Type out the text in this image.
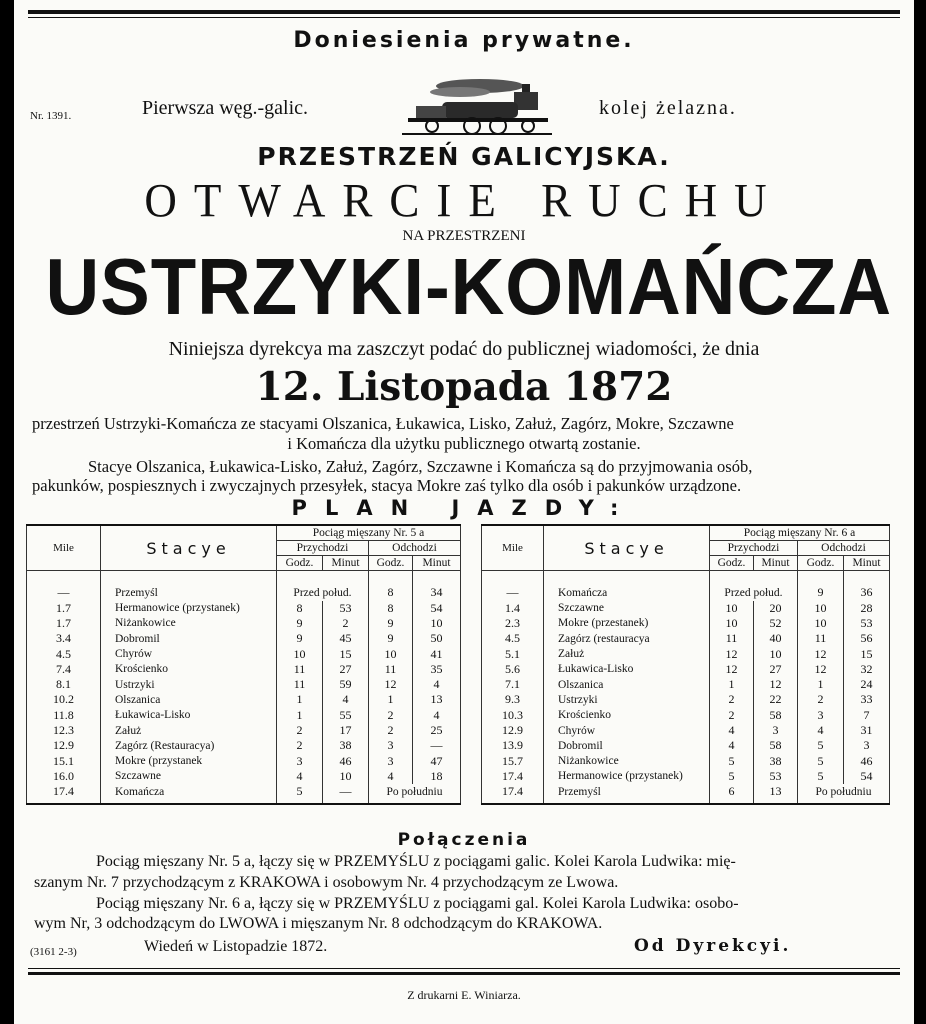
Doniesienia prywatne.
Nr. 1391.	Pierwsza węg.-galic.	kolej żelazna.
PRZESTRZEŃ GALICYJSKA.
OTWARCIE RUCHU
NA PRZESTRZENI
USTRZYKI-KOMAŃCZA
Niniejsza dyrekcya ma zaszczyt podać do publicznej wiadomości, że dnia
12. Listopada 1872
przestrzeń Ustrzyki-Komańcza ze stacyami Olszanica, Łukawica, Lisko, Załuż, Zagórz, Mokre, Szczawne
i Komańcza dla użytku publicznego otwartą zostanie.
Stacye Olszanica, Łukawica-Lisko, Załuż, Zagórz, Szczawne i Komańcza są do przyjmowania osób,
pakunków, pospiesznych i zwyczajnych przesyłek, stacya Mokre zaś tylko dla osób i pakunków urządzone.
PLAN JAZDY:
Mile	Stacye	Pociąg mięszany Nr. 5 a			
		Przychodzi		Odchodzi	
		Godz.	Minut	Godz.	Minut
—	Przemyśl	Przed połud.		8	34
1.7	Hermanowice (przystanek)	8	53	8	54
1.7	Niżankowice	9	2	9	10
3.4	Dobromil	9	45	9	50
4.5	Chyrów	10	15	10	41
7.4	Krościenko	11	27	11	35
8.1	Ustrzyki	11	59	12	4
10.2	Olszanica	1	4	1	13
11.8	Łukawica-Lisko	1	55	2	4
12.3	Załuż	2	17	2	25
12.9	Zagórz (Restauracya)	2	38	3	—
15.1	Mokre (przystanek	3	46	3	47
16.0	Szczawne	4	10	4	18
17.4	Komańcza	5	—	Po południu	
Mile	Stacye	Pociąg mięszany Nr. 6 a			
		Przychodzi		Odchodzi	
		Godz.	Minut	Godz.	Minut
—	Komańcza	Przed połud.		9	36
1.4	Szczawne	10	20	10	28
2.3	Mokre (przestanek)	10	52	10	53
4.5	Zagórz (restauracya	11	40	11	56
5.1	Załuż	12	10	12	15
5.6	Łukawica-Lisko	12	27	12	32
7.1	Olszanica	1	12	1	24
9.3	Ustrzyki	2	22	2	33
10.3	Krościenko	2	58	3	7
12.9	Chyrów	4	3	4	31
13.9	Dobromil	4	58	5	3
15.7	Niżankowice	5	38	5	46
17.4	Hermanowice (przystanek)	5	53	5	54
17.4	Przemyśl	6	13	Po południu	
Połączenia
Pociąg mięszany Nr. 5 a, łączy się w PRZEMYŚLU z pociągami galic. Kolei Karola Ludwika: mię-
szanym Nr. 7 przychodzącym z KRAKOWA i osobowym Nr. 4 przychodzącym ze Lwowa.
Pociąg mięszany Nr. 6 a, łączy się w PRZEMYŚLU z pociągami gal. Kolei Karola Ludwika: osobo-
wym Nr, 3 odchodzącym do LWOWA i mięszanym Nr. 8 odchodzącym do KRAKOWA.
(3161 2-3)	Wiedeń w Listopadzie 1872.	Od Dyrekcyi.
Z drukarni E. Winiarza.
